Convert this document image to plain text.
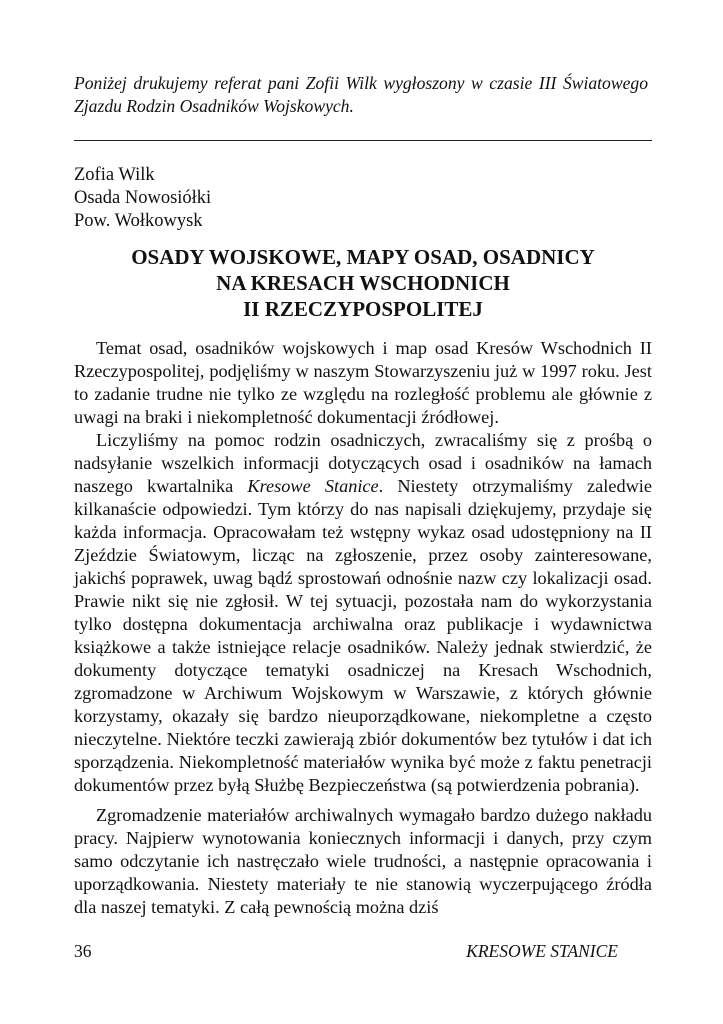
Poniżej drukujemy referat pani Zofii Wilk wygłoszony w czasie III Światowego Zjazdu Rodzin Osadników Wojskowych.
Zofia Wilk
Osada Nowosiółki
Pow. Wołkowysk
OSADY WOJSKOWE, MAPY OSAD, OSADNICY
NA KRESACH WSCHODNICH
II RZECZYPOSPOLITEJ

Temat osad, osadników wojskowych i map osad Kresów Wschodnich II Rzeczypospolitej, podjęliśmy w naszym Stowarzyszeniu już w 1997 roku. Jest to zadanie trudne nie tylko ze względu na rozległość problemu ale głównie z uwagi na braki i niekompletność dokumentacji źródłowej.

Liczyliśmy na pomoc rodzin osadniczych, zwracaliśmy się z prośbą o nadsyłanie wszelkich informacji dotyczących osad i osadników na łamach naszego kwartalnika Kresowe Stanice. Niestety otrzymaliśmy zaledwie kilkanaście odpowiedzi. Tym którzy do nas napisali dziękujemy, przydaje się każda informacja. Opracowałam też wstępny wykaz osad udostępniony na II Zjeździe Światowym, licząc na zgłoszenie, przez osoby zainteresowane, jakichś poprawek, uwag bądź sprostowań odnośnie nazw czy lokalizacji osad. Prawie nikt się nie zgłosił. W tej sytuacji, pozostała nam do wykorzystania tylko dostępna dokumentacja archiwalna oraz publikacje i wydawnictwa książkowe a także istniejące relacje osadników. Należy jednak stwierdzić, że dokumenty dotyczące tematyki osadniczej na Kresach Wschodnich, zgromadzone w Archiwum Wojskowym w Warszawie, z których głównie korzystamy, okazały się bardzo nieuporządkowane, niekompletne a często nieczytelne. Niektóre teczki zawierają zbiór dokumentów bez tytułów i dat ich sporządzenia. Niekompletność materiałów wynika być może z faktu penetracji dokumentów przez byłą Służbę Bezpieczeństwa (są potwierdzenia pobrania).

Zgromadzenie materiałów archiwalnych wymagało bardzo dużego nakładu pracy. Najpierw wynotowania koniecznych informacji i danych, przy czym samo odczytanie ich nastręczało wiele trudności, a następnie opracowania i uporządkowania. Niestety materiały te nie stanowią wyczerpującego źródła dla naszej tematyki. Z całą pewnością można dziś

36	KRESOWE STANICE
